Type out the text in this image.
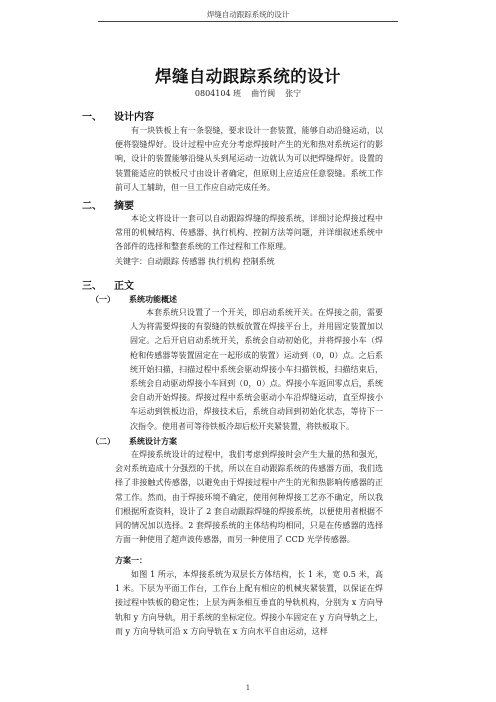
焊缝自动跟踪系统的设计
焊缝自动跟踪系统的设计
0804104 班 曲竹闽 张宁
一、 设计内容

有一块铁板上有一条裂缝，要求设计一套装置，能够自动沿缝运动，以便将裂缝焊好。设计过程中应充分考虑焊接时产生的光和热对系统运行的影响，设计的装置能够沿缝从头到尾运动一边就认为可以把焊缝焊好。设置的装置能适应的铁板尺寸由设计者确定，但原则上应适应任意裂缝。系统工作前可人工辅助，但一旦工作应自动完成任务。

二、 摘要

本论文将设计一套可以自动跟踪焊缝的焊接系统，详细讨论焊接过程中常用的机械结构、传感器、执行机构、控制方法等问题，并详细叙述系统中各部件的选择和整套系统的工作过程和工作原理。

关键字：自动跟踪 传感器 执行机构 控制系统

三、 正文
（一） 系统功能概述

本套系统只设置了一个开关，即启动系统开关。在焊接之前，需要人为将需要焊接的有裂缝的铁板放置在焊接平台上，并用固定装置加以固定。之后开启启动系统开关，系统会自动初始化，并将焊接小车（焊枪和传感器等装置固定在一起形成的装置）运动到（0，0）点。之后系统开始扫描，扫描过程中系统会驱动焊接小车扫描铁板，扫描结束后，系统会自动驱动焊接小车回到（0，0）点。焊接小车返回零点后，系统会自动开始焊接。焊接过程中系统会驱动小车沿焊缝运动，直至焊接小车运动到铁板边沿，焊接技术后，系统自动回到初始化状态，等待下一次指令。使用者可等待铁板冷却后松开夹紧装置，将铁板取下。

（二） 系统设计方案

在焊接系统设计的过程中，我们考虑到焊接时会产生大量的热和强光，会对系统造成十分强烈的干扰，所以在自动跟踪系统的传感器方面，我们选择了非接触式传感器，以避免由于焊接过程中产生的光和热影响传感器的正常工作。然而，由于焊接环境不确定，使用何种焊接工艺亦不确定，所以我们根据所查资料，设计了 2 套自动跟踪焊缝的焊接系统，以便使用者根据不同的情况加以选择。2 套焊接系统的主体结构均相同，只是在传感器的选择方面一种使用了超声波传感器，而另一种使用了 CCD 光学传感器。

方案一：

如图 1 所示，本焊接系统为双层长方体结构，长 1 米，宽 0.5 米，高 1 米。下层为平面工作台，工作台上配有相应的机械夹紧装置，以保证在焊接过程中铁板的稳定性；上层为两条相互垂直的导轨机构，分别为 x 方向导轨和 y 方向导轨，用于系统的坐标定位。焊接小车固定在 y 方向导轨之上，而 y 方向导轨可沿 x 方向导轨在 x 方向水平自由运动，这样

1
